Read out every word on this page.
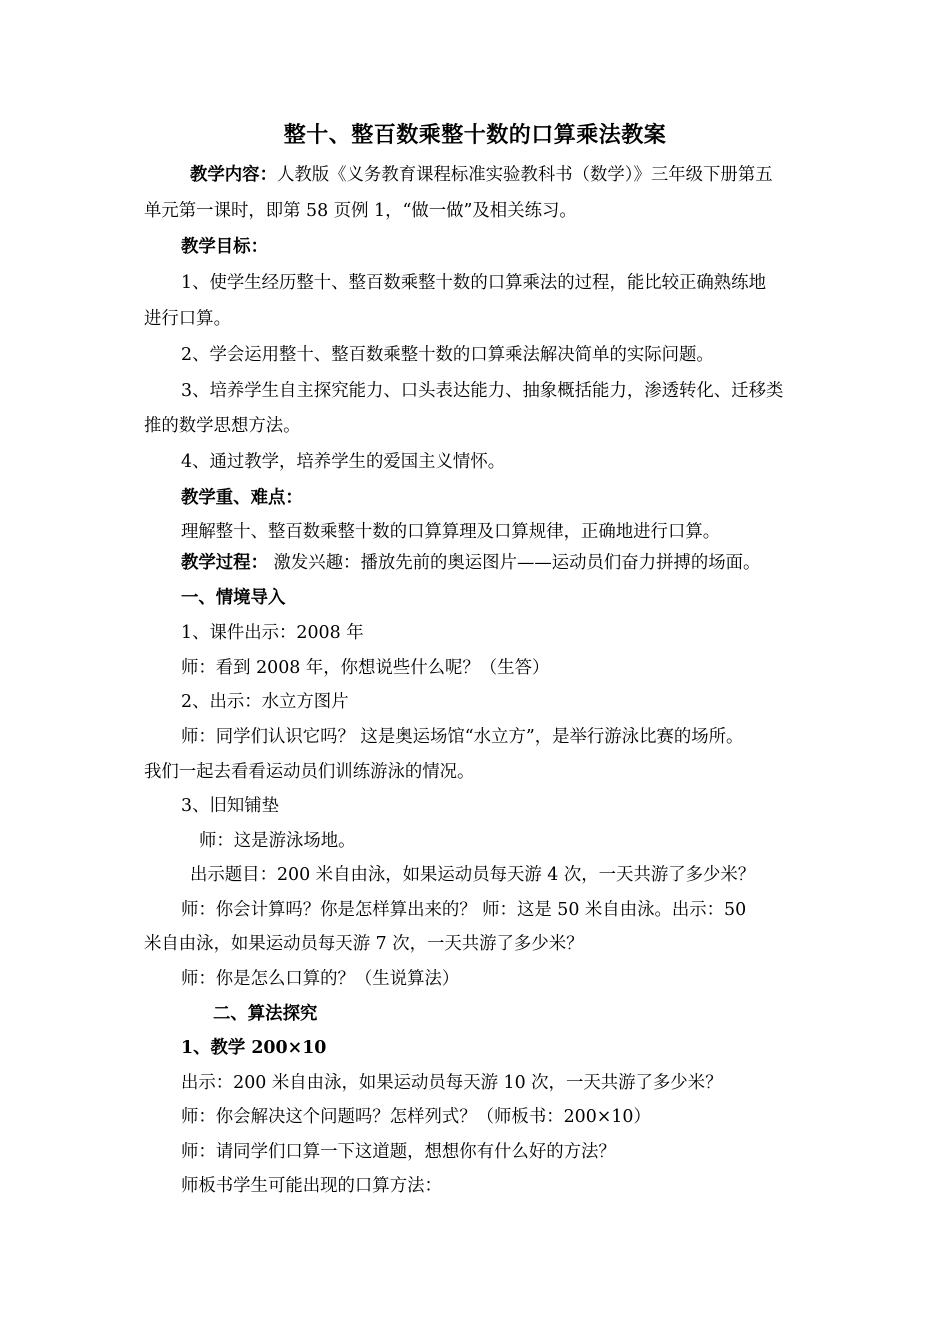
整十、整百数乘整十数的口算乘法教案
教学内容：人教版《义务教育课程标准实验教科书（数学）》三年级下册第五
单元第一课时，即第 58 页例 1，“做一做”及相关练习。
教学目标：
1、使学生经历整十、整百数乘整十数的口算乘法的过程，能比较正确熟练地
进行口算。
2、学会运用整十、整百数乘整十数的口算乘法解决简单的实际问题。
3、培养学生自主探究能力、口头表达能力、抽象概括能力，渗透转化、迁移类
推的数学思想方法。
4、通过教学，培养学生的爱国主义情怀。
教学重、难点：
理解整十、整百数乘整十数的口算算理及口算规律，正确地进行口算。
教学过程： 激发兴趣：播放先前的奥运图片——运动员们奋力拼搏的场面。
一、情境导入
1、课件出示：2008 年
师：看到 2008 年，你想说些什么呢？（生答）
2、出示：水立方图片
师：同学们认识它吗？ 这是奥运场馆“水立方”，是举行游泳比赛的场所。
我们一起去看看运动员们训练游泳的情况。
3、旧知铺垫
师：这是游泳场地。
出示题目：200 米自由泳，如果运动员每天游 4 次，一天共游了多少米？
师：你会计算吗？你是怎样算出来的？ 师：这是 50 米自由泳。出示：50
米自由泳，如果运动员每天游 7 次，一天共游了多少米？
师：你是怎么口算的？（生说算法）
二、算法探究
1、教学 200×10
出示：200 米自由泳，如果运动员每天游 10 次，一天共游了多少米？
师：你会解决这个问题吗？怎样列式？（师板书：200×10）
师：请同学们口算一下这道题，想想你有什么好的方法？
师板书学生可能出现的口算方法：
